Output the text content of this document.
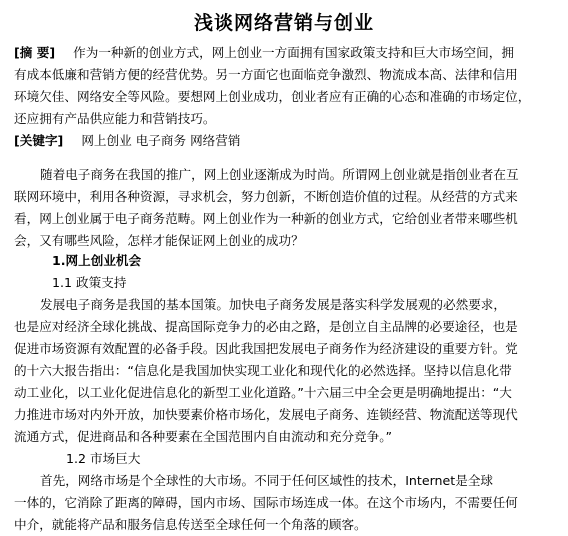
浅谈网络营销与创业
[摘 要] 作为一种新的创业方式，网上创业一方面拥有国家政策支持和巨大市场空间，拥
有成本低廉和营销方便的经营优势。另一方面它也面临竞争激烈、物流成本高、法律和信用
环境欠佳、网络安全等风险。要想网上创业成功，创业者应有正确的心态和准确的市场定位，
还应拥有产品供应能力和营销技巧。
[关键字] 网上创业 电子商务 网络营销
随着电子商务在我国的推广，网上创业逐渐成为时尚。所谓网上创业就是指创业者在互
联网环境中，利用各种资源，寻求机会，努力创新，不断创造价值的过程。从经营的方式来
看，网上创业属于电子商务范畴。网上创业作为一种新的创业方式，它给创业者带来哪些机
会，又有哪些风险，怎样才能保证网上创业的成功？
1.网上创业机会
1.1 政策支持
发展电子商务是我国的基本国策。加快电子商务发展是落实科学发展观的必然要求，
也是应对经济全球化挑战、提高国际竞争力的必由之路，是创立自主品牌的必要途径，也是
促进市场资源有效配置的必备手段。因此我国把发展电子商务作为经济建设的重要方针。党
的十六大报告指出：“信息化是我国加快实现工业化和现代化的必然选择。坚持以信息化带
动工业化，以工业化促进信息化的新型工业化道路。”十六届三中全会更是明确地提出：“大
力推进市场对内外开放，加快要素价格市场化，发展电子商务、连锁经营、物流配送等现代
流通方式，促进商品和各种要素在全国范围内自由流动和充分竞争。”
1.2 市场巨大
首先，网络市场是个全球性的大市场。不同于任何区域性的技术，Internet是全球
一体的，它消除了距离的障碍，国内市场、国际市场连成一体。在这个市场内，不需要任何
中介，就能将产品和服务信息传送至全球任何一个角落的顾客。
